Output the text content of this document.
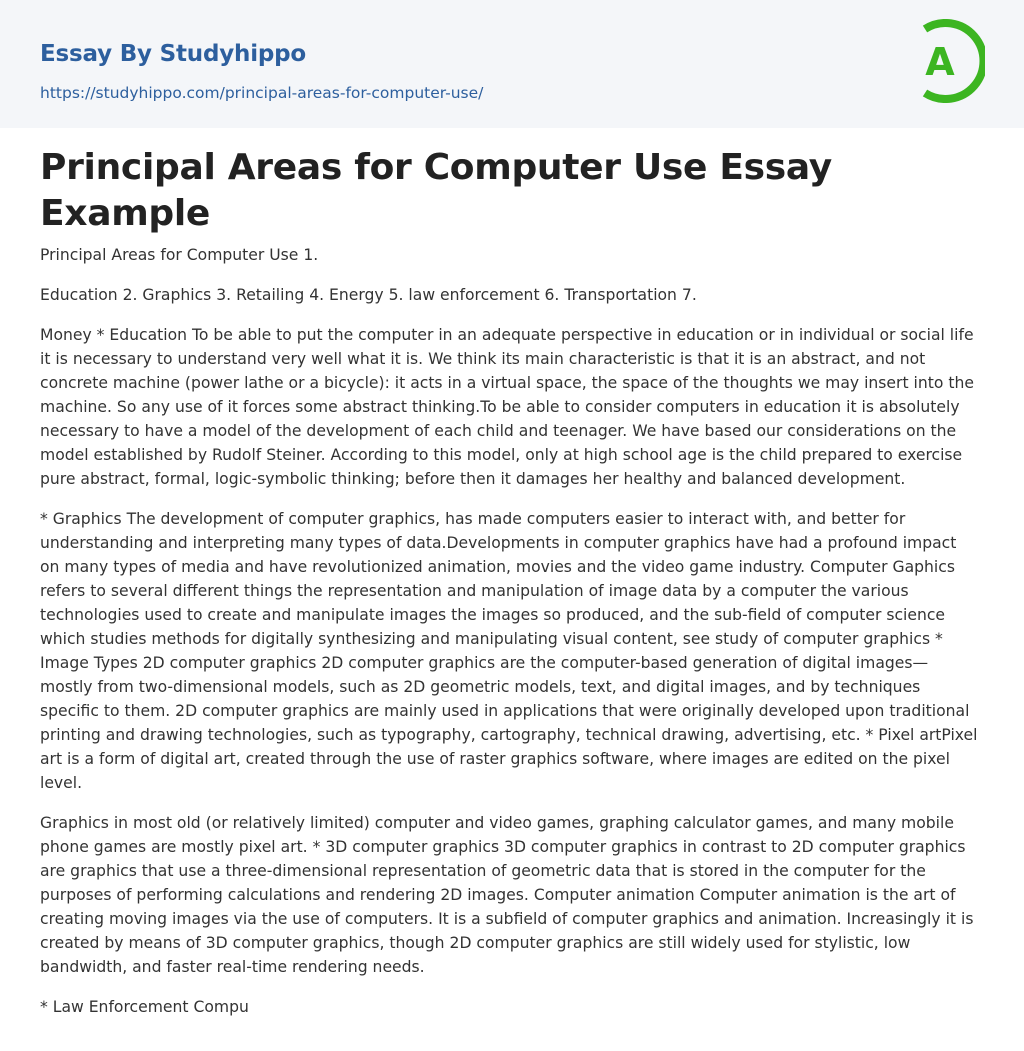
Essay By Studyhippo
https://studyhippo.com/principal-areas-for-computer-use/
A
Principal Areas for Computer Use Essay Example

Principal Areas for Computer Use 1.

Education 2. Graphics 3. Retailing 4. Energy 5. law enforcement 6. Transportation 7.

Money * Education To be able to put the computer in an adequate perspective in education or in individual or social life it is necessary to understand very well what it is. We think its main characteristic is that it is an abstract, and not concrete machine (power lathe or a bicycle): it acts in a virtual space, the space of the thoughts we may insert into the machine. So any use of it forces some abstract thinking.To be able to consider computers in education it is absolutely necessary to have a model of the development of each child and teenager. We have based our considerations on the model established by Rudolf Steiner. According to this model, only at high school age is the child prepared to exercise pure abstract, formal, logic-symbolic thinking; before then it damages her healthy and balanced development.

* Graphics The development of computer graphics, has made computers easier to interact with, and better for understanding and interpreting many types of data.Developments in computer graphics have had a profound impact on many types of media and have revolutionized animation, movies and the video game industry. Computer Gaphics refers to several different things the representation and manipulation of image data by a computer the various technologies used to create and manipulate images the images so produced, and the sub-field of computer science which studies methods for digitally synthesizing and manipulating visual content, see study of computer graphics * Image Types 2D computer graphics 2D computer graphics are the computer-based generation of digital images—mostly from two-dimensional models, such as 2D geometric models, text, and digital images, and by techniques specific to them. 2D computer graphics are mainly used in applications that were originally developed upon traditional printing and drawing technologies, such as typography, cartography, technical drawing, advertising, etc. * Pixel artPixel art is a form of digital art, created through the use of raster graphics software, where images are edited on the pixel level.

Graphics in most old (or relatively limited) computer and video games, graphing calculator games, and many mobile phone games are mostly pixel art. * 3D computer graphics 3D computer graphics in contrast to 2D computer graphics are graphics that use a three-dimensional representation of geometric data that is stored in the computer for the purposes of performing calculations and rendering 2D images. Computer animation Computer animation is the art of creating moving images via the use of computers. It is a subfield of computer graphics and animation. Increasingly it is created by means of 3D computer graphics, though 2D computer graphics are still widely used for stylistic, low bandwidth, and faster real-time rendering needs.

* Law Enforcement Compu
